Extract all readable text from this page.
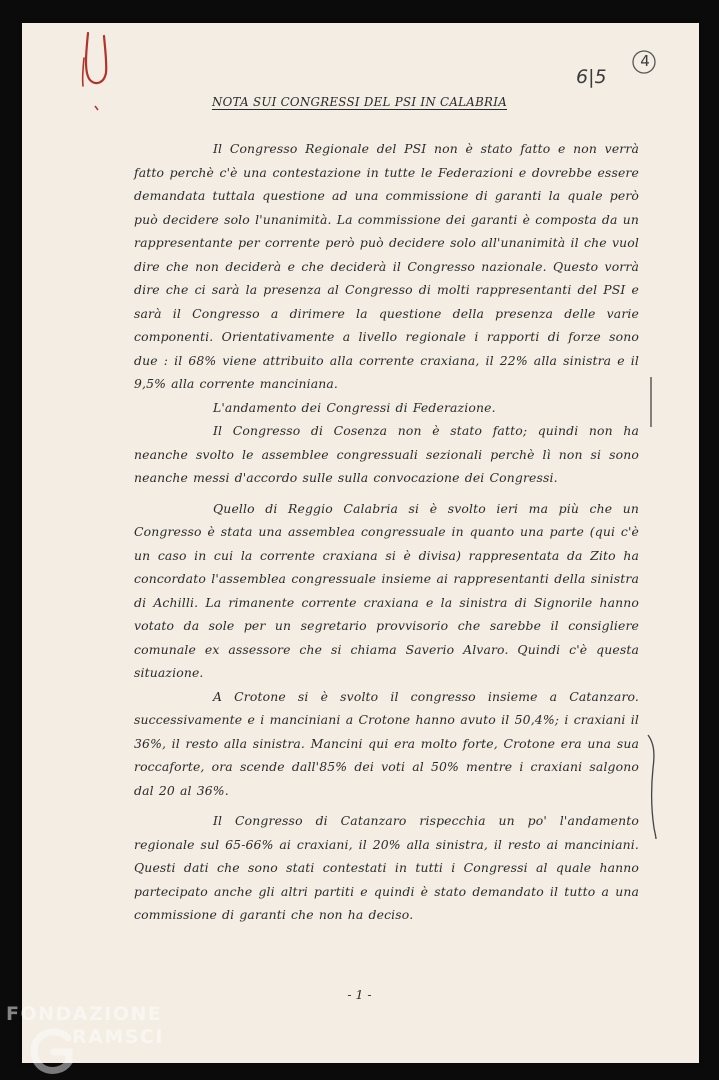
6|5
4
NOTA SUI CONGRESSI DEL PSI IN CALABRIA

Il Congresso Regionale del PSI non è stato fatto e non verrà fatto perchè c'è una contestazione in tutte le Federazioni e dovrebbe essere demandata tuttala questione ad una commissione di garanti la quale però può decidere solo l'unanimità. La commissione dei garanti è composta da un rappresentante per corrente però può decidere solo all'unanimità il che vuol dire che non deciderà e che deciderà il Congresso nazionale. Questo vorrà dire che ci sarà la presenza al Congresso di molti rappresentanti del PSI e sarà il Congresso a dirimere la questione della presenza delle varie componenti. Orientativamente a livello regionale i rapporti di forze sono due : il 68% viene attribuito alla corrente craxiana, il 22% alla sinistra e il 9,5% alla corrente manciniana.

L'andamento dei Congressi di Federazione.

Il Congresso di Cosenza non è stato fatto; quindi non ha neanche svolto le assemblee congressuali sezionali perchè lì non si sono neanche messi d'accordo sulle sulla convocazione dei Congressi.

Quello di Reggio Calabria si è svolto ieri ma più che un Congresso è stata una assemblea congressuale in quanto una parte (qui c'è un caso in cui la corrente craxiana si è divisa) rappresentata da Zito ha concordato l'assemblea congressuale insieme ai rappresentanti della sinistra di Achilli. La rimanente corrente craxiana e la sinistra di Signorile hanno votato da sole per un segretario provvisorio che sarebbe il consigliere comunale ex assessore che si chiama Saverio Alvaro. Quindi c'è questa situazione.

A Crotone si è svolto il congresso insieme a Catanzaro. successivamente e i manciniani a Crotone hanno avuto il 50,4%; i craxiani il 36%, il resto alla sinistra. Mancini qui era molto forte, Crotone era una sua roccaforte, ora scende dall'85% dei voti al 50% mentre i craxiani salgono dal 20 al 36%.

Il Congresso di Catanzaro rispecchia un po' l'andamento regionale sul 65-66% ai craxiani, il 20% alla sinistra, il resto ai manciniani. Questi dati che sono stati contestati in tutti i Congressi al quale hanno partecipato anche gli altri partiti e quindi è stato demandato il tutto a una commissione di garanti che non ha deciso.

- 1 -
FONDAZIONE
RAMSCI
